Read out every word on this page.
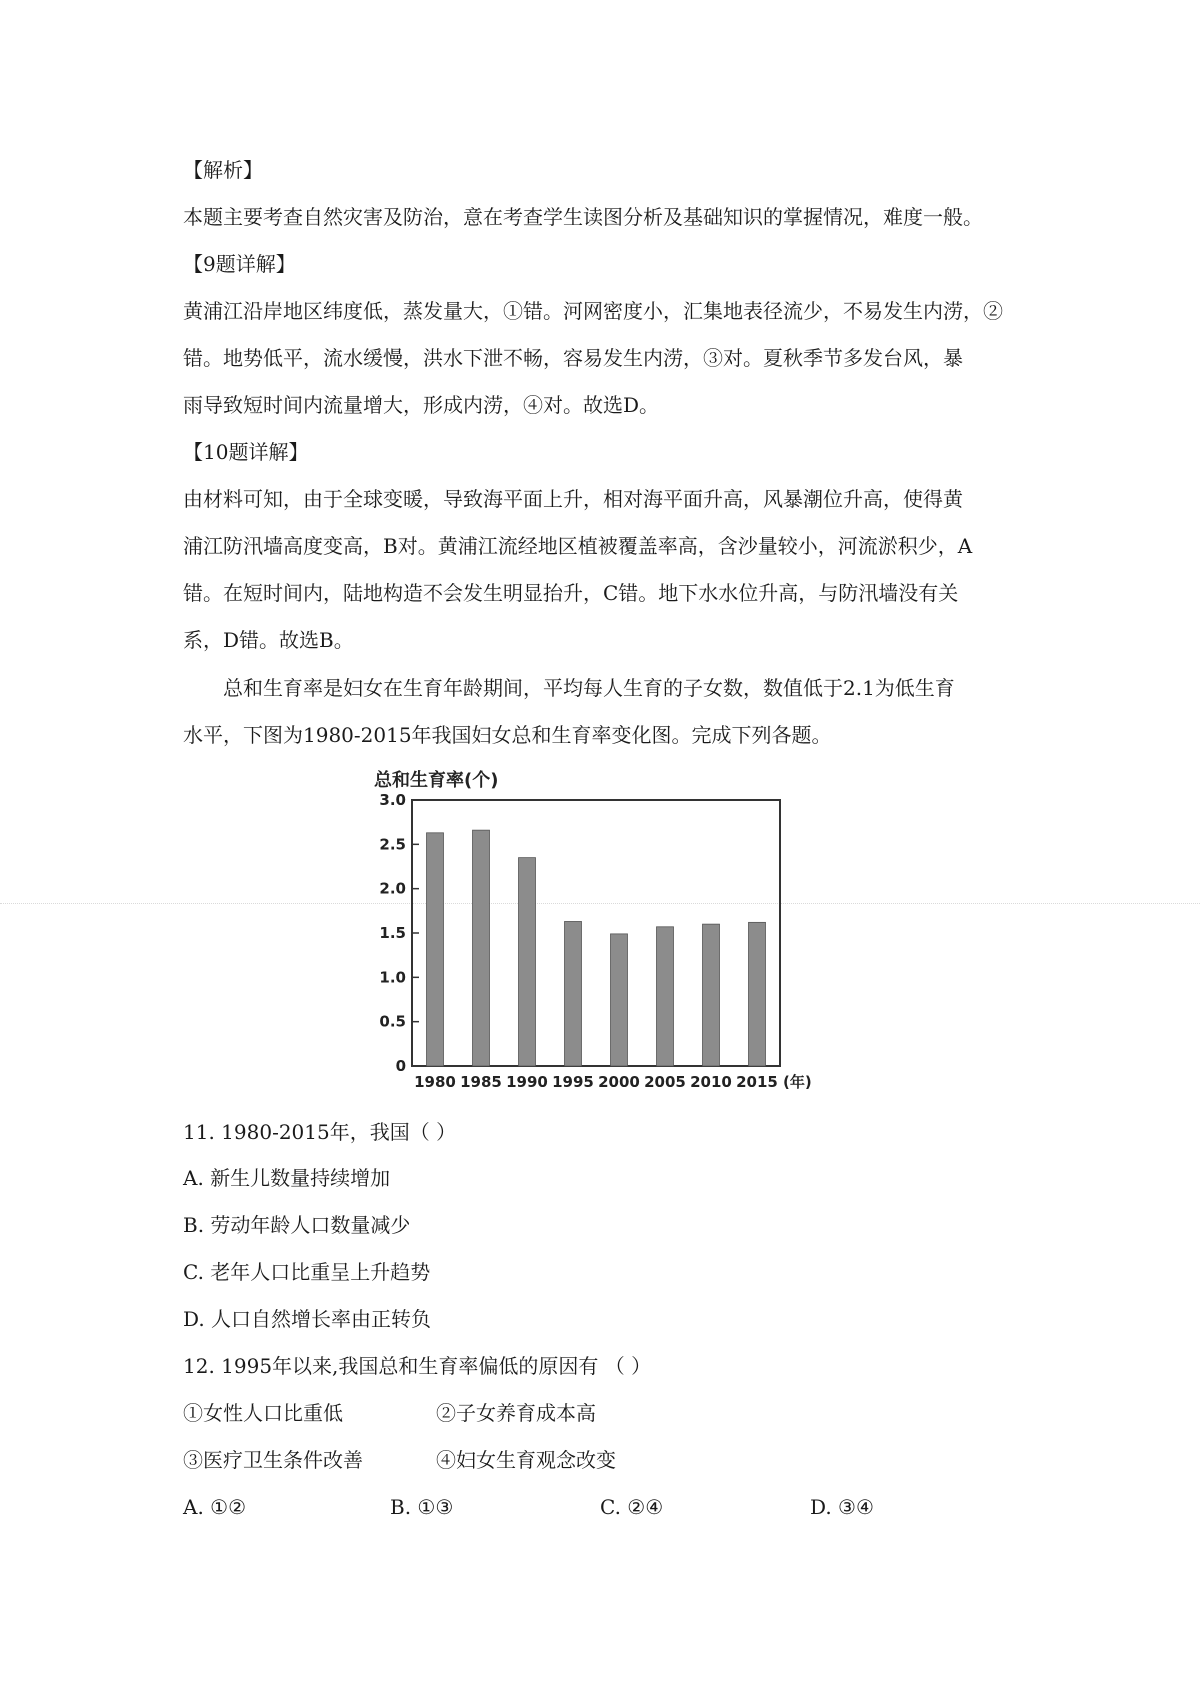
【解析】
本题主要考查自然灾害及防治，意在考查学生读图分析及基础知识的掌握情况，难度一般。
【9题详解】
黄浦江沿岸地区纬度低，蒸发量大，①错。河网密度小，汇集地表径流少，不易发生内涝，②
错。地势低平，流水缓慢，洪水下泄不畅，容易发生内涝，③对。夏秋季节多发台风，暴
雨导致短时间内流量增大，形成内涝，④对。故选D。
【10题详解】
由材料可知，由于全球变暖，导致海平面上升，相对海平面升高，风暴潮位升高，使得黄
浦江防汛墙高度变高，B对。黄浦江流经地区植被覆盖率高，含沙量较小，河流淤积少，A
错。在短时间内，陆地构造不会发生明显抬升，C错。地下水水位升高，与防汛墙没有关
系，D错。故选B。
总和生育率是妇女在生育年龄期间，平均每人生育的子女数，数值低于2.1为低生育
水平，下图为1980-2015年我国妇女总和生育率变化图。完成下列各题。
总和生育率(个)
0
0.5
1.0
1.5
2.0
2.5
3.0
1980 1985 1990 1995 2000 2005 2010 2015 (年)
11. 1980-2015年，我国（ ）
A. 新生儿数量持续增加
B. 劳动年龄人口数量减少
C. 老年人口比重呈上升趋势
D. 人口自然增长率由正转负
12. 1995年以来,我国总和生育率偏低的原因有 （ ）
①女性人口比重低	②子女养育成本高
③医疗卫生条件改善	④妇女生育观念改变
A. ①②	B. ①③	C. ②④	D. ③④
